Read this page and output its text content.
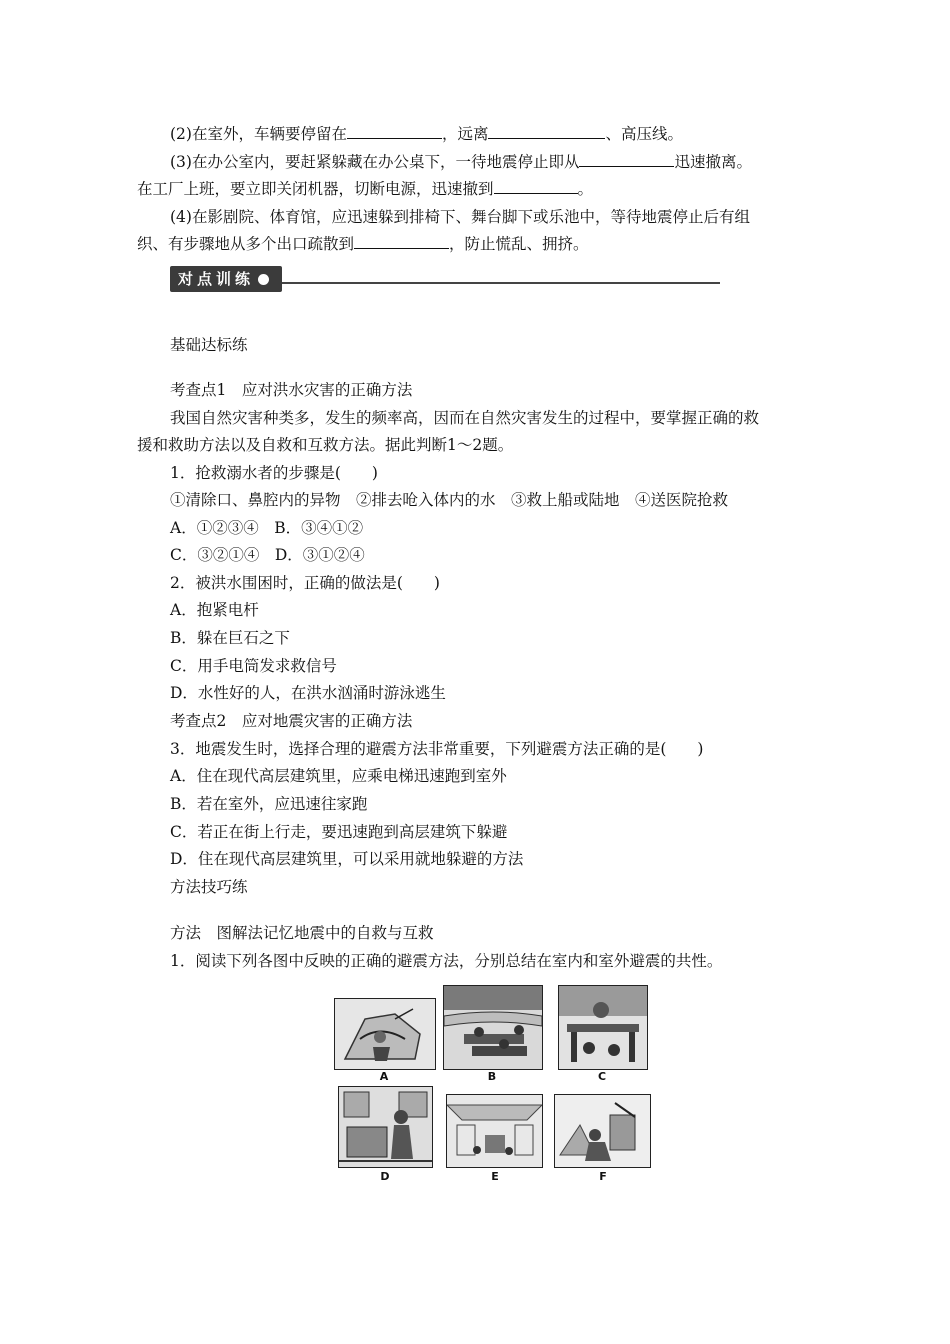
(2)在室外，车辆要停留在	，远离	、高压线。
(3)在办公室内，要赶紧躲藏在办公桌下，一待地震停止即从	迅速撤离。
在工厂上班，要立即关闭机器，切断电源，迅速撤到	。
(4)在影剧院、体育馆，应迅速躲到排椅下、舞台脚下或乐池中，等待地震停止后有组
织、有步骤地从多个出口疏散到	，防止慌乱、拥挤。
对点训练
基础达标练
考查点1　应对洪水灾害的正确方法
我国自然灾害种类多，发生的频率高，因而在自然灾害发生的过程中，要掌握正确的救
援和救助方法以及自救和互救方法。据此判断1～2题。
1．抢救溺水者的步骤是(　　)
①清除口、鼻腔内的异物　②排去呛入体内的水　③救上船或陆地　④送医院抢救
A．①②③④　B．③④①②
C．③②①④　D．③①②④
2．被洪水围困时，正确的做法是(　　)
A．抱紧电杆
B．躲在巨石之下
C．用手电筒发求救信号
D．水性好的人，在洪水汹涌时游泳逃生
考查点2　应对地震灾害的正确方法
3．地震发生时，选择合理的避震方法非常重要，下列避震方法正确的是(　　)
A．住在现代高层建筑里，应乘电梯迅速跑到室外
B．若在室外，应迅速往家跑
C．若正在街上行走，要迅速跑到高层建筑下躲避
D．住在现代高层建筑里，可以采用就地躲避的方法
方法技巧练
方法　图解法记忆地震中的自救与互救
1．阅读下列各图中反映的正确的避震方法，分别总结在室内和室外避震的共性。
A	B	C
D	E	F
